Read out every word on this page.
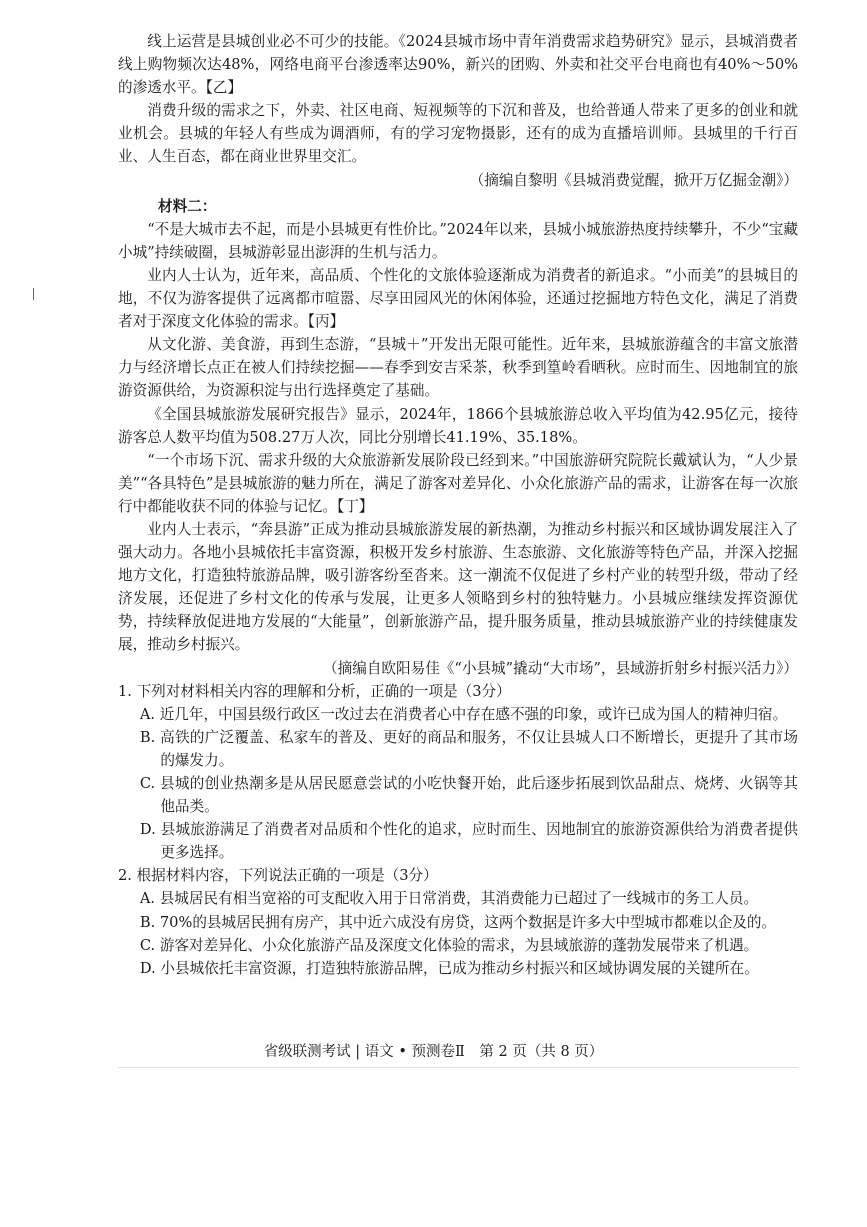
线上运营是县城创业必不可少的技能。《2024县城市场中青年消费需求趋势研究》显示，县城消费者线上购物频次达48%，网络电商平台渗透率达90%，新兴的团购、外卖和社交平台电商也有40%～50%的渗透水平。【乙】

消费升级的需求之下，外卖、社区电商、短视频等的下沉和普及，也给普通人带来了更多的创业和就业机会。县城的年轻人有些成为调酒师，有的学习宠物摄影，还有的成为直播培训师。县城里的千行百业、人生百态，都在商业世界里交汇。

（摘编自黎明《县城消费觉醒，掀开万亿掘金潮》）

材料二：

“不是大城市去不起，而是小县城更有性价比。”2024年以来，县城小城旅游热度持续攀升，不少“宝藏小城”持续破圈，县城游彰显出澎湃的生机与活力。

业内人士认为，近年来，高品质、个性化的文旅体验逐渐成为消费者的新追求。“小而美”的县城目的地，不仅为游客提供了远离都市喧嚣、尽享田园风光的休闲体验，还通过挖掘地方特色文化，满足了消费者对于深度文化体验的需求。【丙】

从文化游、美食游，再到生态游，“县城＋”开发出无限可能性。近年来，县城旅游蕴含的丰富文旅潜力与经济增长点正在被人们持续挖掘——春季到安吉采茶，秋季到篁岭看晒秋。应时而生、因地制宜的旅游资源供给，为资源积淀与出行选择奠定了基础。

《全国县城旅游发展研究报告》显示，2024年，1866个县城旅游总收入平均值为42.95亿元，接待游客总人数平均值为508.27万人次，同比分别增长41.19%、35.18%。

“一个市场下沉、需求升级的大众旅游新发展阶段已经到来。”中国旅游研究院院长戴斌认为，“人少景美”“各具特色”是县城旅游的魅力所在，满足了游客对差异化、小众化旅游产品的需求，让游客在每一次旅行中都能收获不同的体验与记忆。【丁】

业内人士表示，“奔县游”正成为推动县城旅游发展的新热潮，为推动乡村振兴和区域协调发展注入了强大动力。各地小县城依托丰富资源，积极开发乡村旅游、生态旅游、文化旅游等特色产品，并深入挖掘地方文化，打造独特旅游品牌，吸引游客纷至沓来。这一潮流不仅促进了乡村产业的转型升级，带动了经济发展，还促进了乡村文化的传承与发展，让更多人领略到乡村的独特魅力。小县城应继续发挥资源优势，持续释放促进地方发展的“大能量”，创新旅游产品，提升服务质量，推动县城旅游产业的持续健康发展，推动乡村振兴。

（摘编自欧阳易佳《“小县城”撬动“大市场”，县域游折射乡村振兴活力》）

1. 下列对材料相关内容的理解和分析，正确的一项是（3分）

A. 近几年，中国县级行政区一改过去在消费者心中存在感不强的印象，或许已成为国人的精神归宿。

B. 高铁的广泛覆盖、私家车的普及、更好的商品和服务，不仅让县城人口不断增长，更提升了其市场的爆发力。

C. 县城的创业热潮多是从居民愿意尝试的小吃快餐开始，此后逐步拓展到饮品甜点、烧烤、火锅等其他品类。

D. 县城旅游满足了消费者对品质和个性化的追求，应时而生、因地制宜的旅游资源供给为消费者提供更多选择。

2. 根据材料内容，下列说法正确的一项是（3分）

A. 县城居民有相当宽裕的可支配收入用于日常消费，其消费能力已超过了一线城市的务工人员。

B. 70%的县城居民拥有房产，其中近六成没有房贷，这两个数据是许多大中型城市都难以企及的。

C. 游客对差异化、小众化旅游产品及深度文化体验的需求，为县域旅游的蓬勃发展带来了机遇。

D. 小县城依托丰富资源，打造独特旅游品牌，已成为推动乡村振兴和区域协调发展的关键所在。

省级联测考试 | 语文 • 预测卷Ⅱ　第 2 页（共 8 页）
